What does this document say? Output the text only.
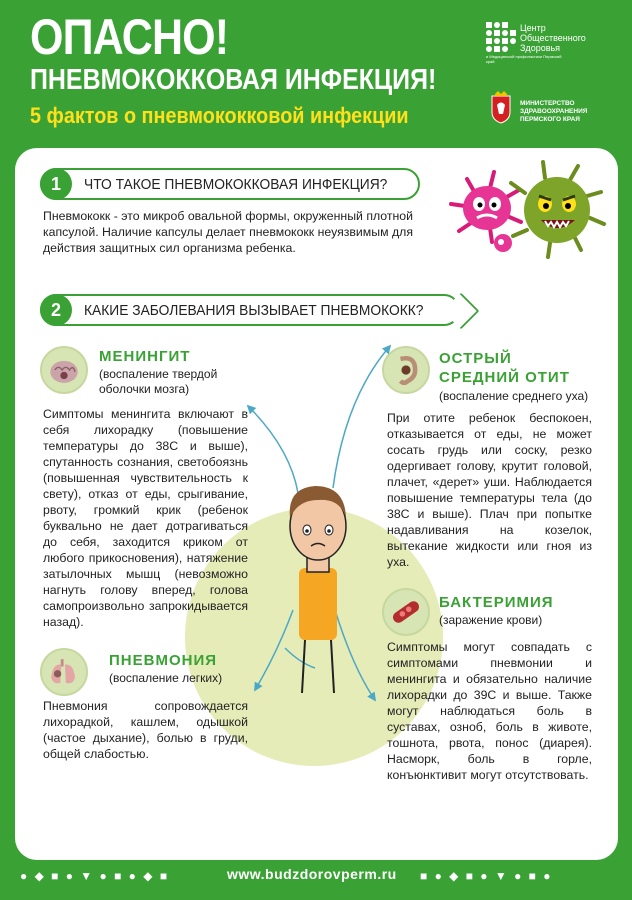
ОПАСНО!
ПНЕВМОКОККОВАЯ ИНФЕКЦИЯ!
5 фактов о пневмококковой инфекции
Центр Общественного Здоровья
и Медицинской профилактики Пермский край
МИНИСТЕРСТВО ЗДРАВООХРАНЕНИЯ ПЕРМСКОГО КРАЯ
1	ЧТО ТАКОЕ ПНЕВМОКОККОВАЯ ИНФЕКЦИЯ?
Пневмококк - это микроб овальной формы, окруженный плотной капсулой. Наличие капсулы делает пневмококк неуязвимым для действия защитных сил организма ребенка.
2	КАКИЕ ЗАБОЛЕВАНИЯ ВЫЗЫВАЕТ ПНЕВМОКОКК?
МЕНИНГИТ
(воспаление твердой оболочки мозга)
Симптомы менингита включают в себя лихорадку (повышение температуры до 38С и выше), спутанность сознания, светобоязнь (повышенная чувствительность к свету), отказ от еды, срыгивание, рвоту, громкий крик (ребенок буквально не дает дотрагиваться до себя, заходится криком от любого прикосновения), натяжение затылочных мышц (невозможно нагнуть голову вперед, голова самопроизвольно запрокидывается назад).
ПНЕВМОНИЯ
(воспаление легких)
Пневмония сопровождается лихорадкой, кашлем, одышкой (частое дыхание), болью в груди, общей слабостью.
ОСТРЫЙ СРЕДНИЙ ОТИТ
(воспаление среднего уха)
При отите ребенок беспокоен, отказывается от еды, не может сосать грудь или соску, резко одергивает голову, крутит головой, плачет, «дерет» уши. Наблюдается повышение температуры тела (до 38С и выше). Плач при попытке надавливания на козелок, вытекание жидкости или гноя из уха.
БАКТЕРИМИЯ
(заражение крови)
Симптомы могут совпадать с симптомами пневмонии и менингита и обязательно наличие лихорадки до 39С и выше. Также могут наблюдаться боль в суставах, озноб, боль в животе, тошнота, рвота, понос (диарея). Насморк, боль в горле, конъюнктивит могут отсутствовать.
● ◆ ■ ● ▼ ● ■ ● ◆ ■	www.budzdorovperm.ru ■ ● ◆ ■ ● ▼ ● ■ ●
